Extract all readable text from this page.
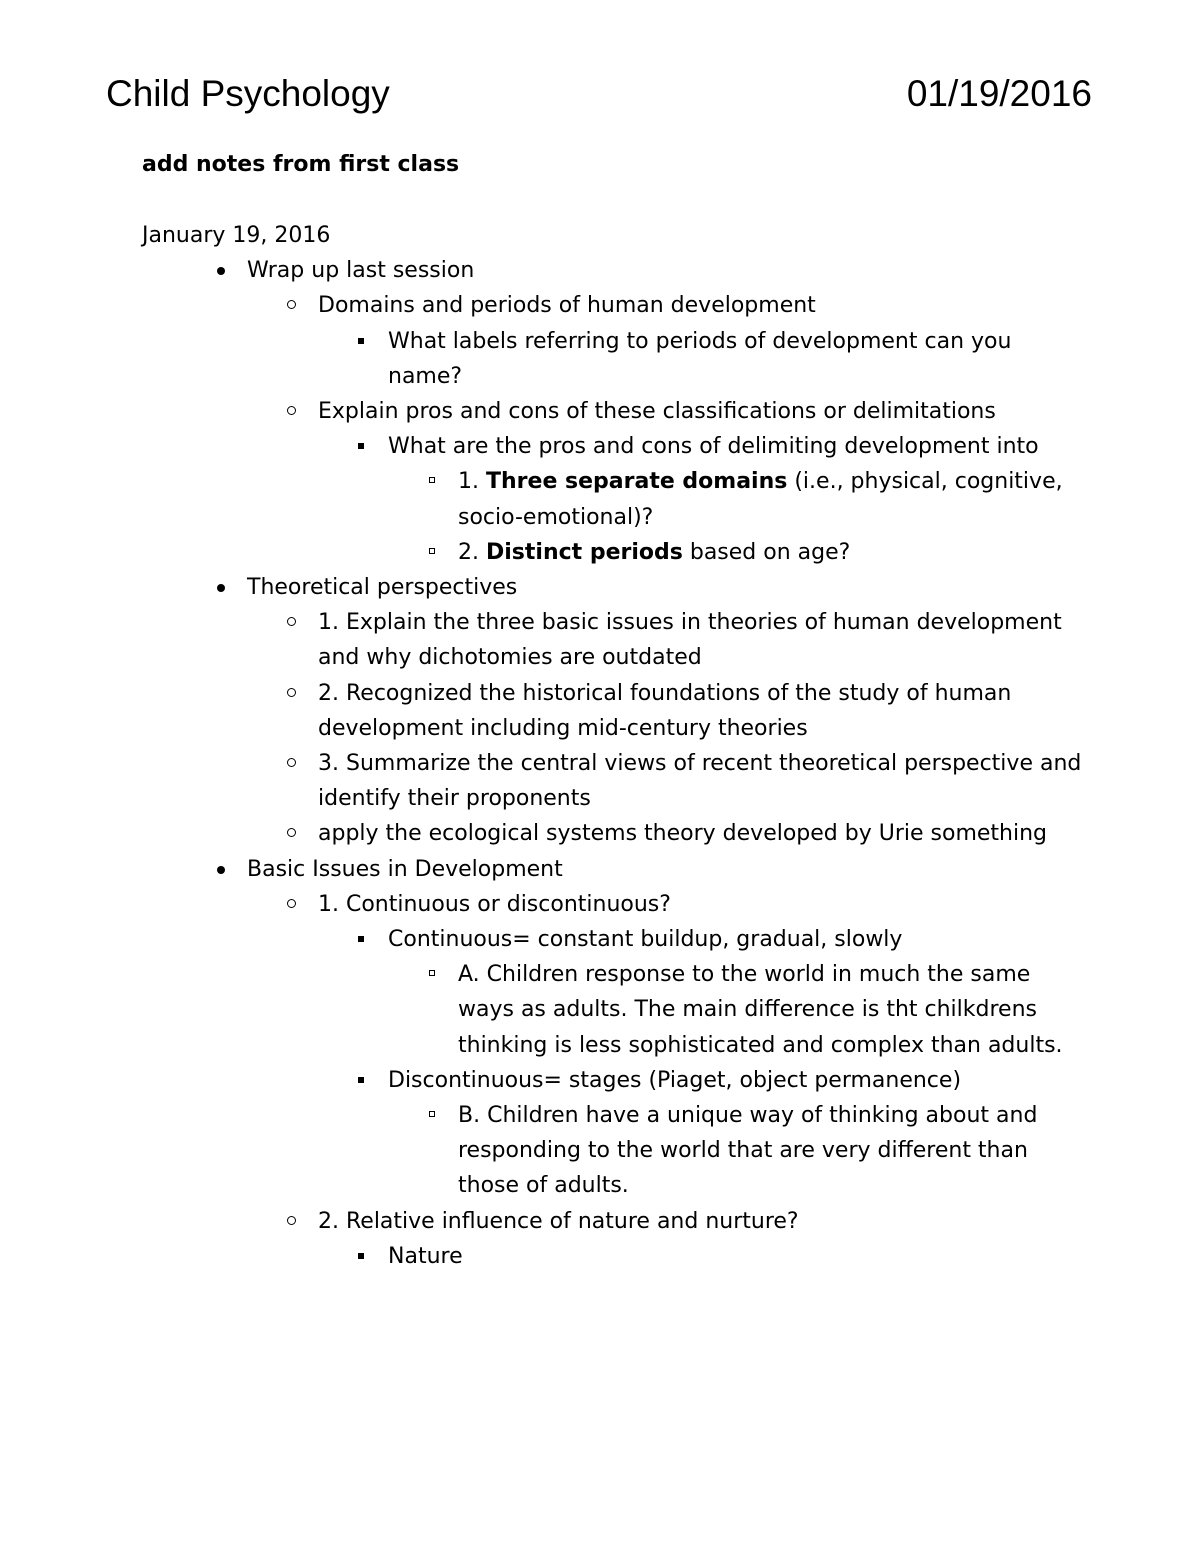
Child Psychology	01/19/2016
add notes from first class
January 19, 2016
Wrap up last session
Domains and periods of human development
What labels referring to periods of development can you name?
Explain pros and cons of these classifications or delimitations
What are the pros and cons of delimiting development into
1. Three separate domains (i.e., physical, cognitive, socio-emotional)?
2. Distinct periods based on age?
Theoretical perspectives
1. Explain the three basic issues in theories of human development and why dichotomies are outdated
2. Recognized the historical foundations of the study of human development including mid-century theories
3. Summarize the central views of recent theoretical perspective and identify their proponents
apply the ecological systems theory developed by Urie something
Basic Issues in Development
1. Continuous or discontinuous?
Continuous= constant buildup, gradual, slowly
A. Children response to the world in much the same ways as adults. The main difference is tht chilkdrens thinking is less sophisticated and complex than adults.
Discontinuous= stages (Piaget, object permanence)
B. Children have a unique way of thinking about and responding to the world that are very different than those of adults.
2. Relative influence of nature and nurture?
Nature
